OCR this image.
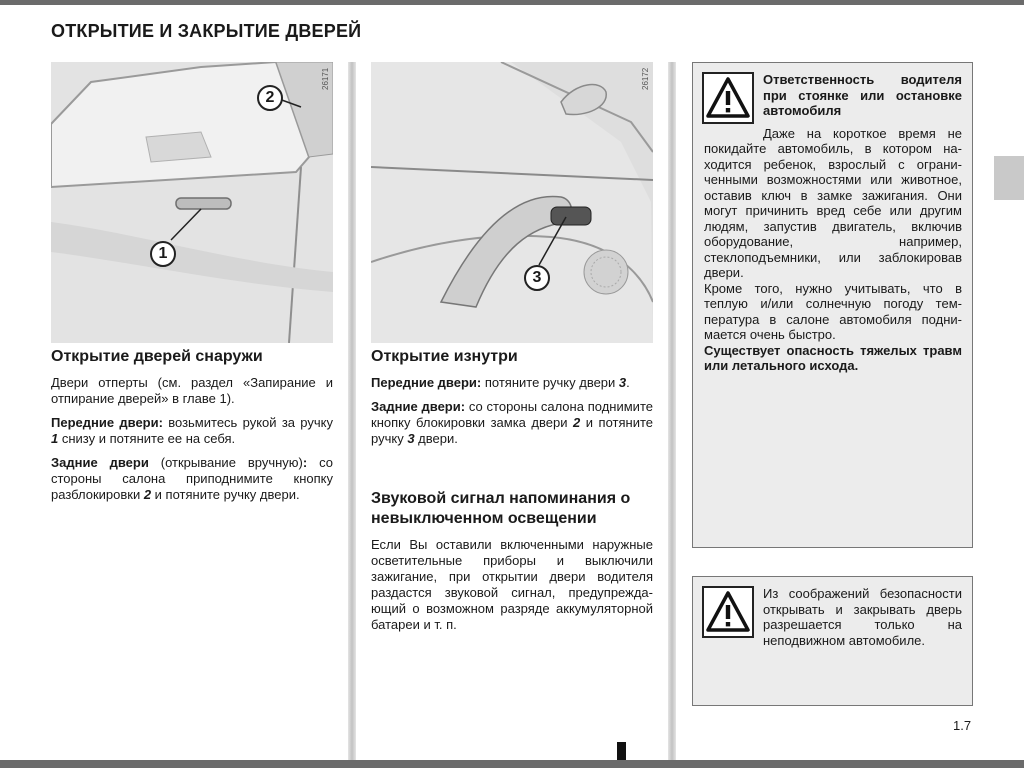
ОТКРЫТИЕ И ЗАКРЫТИЕ ДВЕРЕЙ
26171
1
2
Открытие дверей снаружи

Двери отперты (см. раздел «Запирание и отпирание дверей» в главе 1).

Передние двери: возьмитесь рукой за ручку 1 снизу и потяните ее на себя.

Задние двери (открывание вручную): со стороны салона приподнимите кнопку разблокировки 2 и потяните ручку двери.

26172
3
Открытие изнутри

Передние двери: потяните ручку двери 3.

Задние двери: со стороны салона поднимите кнопку блокировки замка двери 2 и потяните ручку 3 двери.

Звуковой сигнал напоминания о невыключенном освещении
Если Вы оставили включенными наружные осветительные приборы и выключили зажигание, при открытии двери водителя раздастся звуковой сигнал, предупреждающий о возможном разряде аккумуляторной батареи и т. п.
Ответственность водителя при стоянке или остановке автомобиля
Даже на короткое время не покидайте автомобиль, в котором находится ребенок, взрослый с ограниченными возможностями или животное, оставив ключ в замке зажигания. Они могут причинить вред себе или другим людям, запустив двигатель, включив оборудование, например, стеклоподъемники, или заблокировав двери.
Кроме того, нужно учитывать, что в теплую и/или солнечную погоду температура в салоне автомобиля поднимается очень быстро.
Существует опасность тяжелых травм или летального исхода.
Из соображений безопасности открывать и закрывать дверь разрешается только на неподвижном автомобиле.
1.7
